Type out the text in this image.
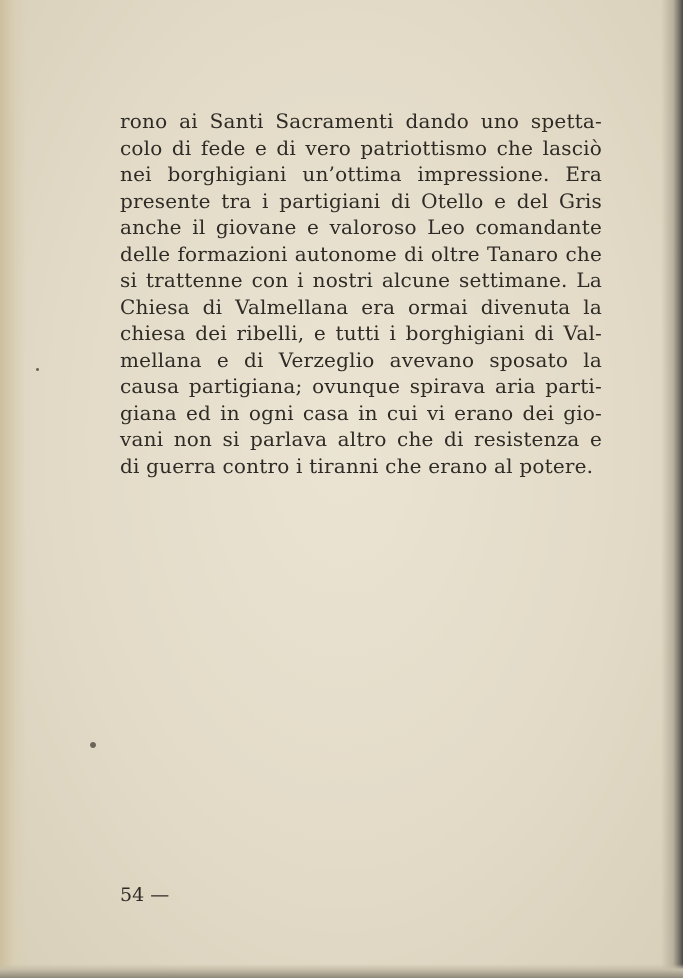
rono ai Santi Sacramenti dando uno spetta-
colo di fede e di vero patriottismo che lasciò
nei borghigiani un’ottima impressione. Era
presente tra i partigiani di Otello e del Gris
anche il giovane e valoroso Leo comandante
delle formazioni autonome di oltre Tanaro che
si trattenne con i nostri alcune settimane. La
Chiesa di Valmellana era ormai divenuta la
chiesa dei ribelli, e tutti i borghigiani di Val-
mellana e di Verzeglio avevano sposato la
causa partigiana; ovunque spirava aria parti-
giana ed in ogni casa in cui vi erano dei gio-
vani non si parlava altro che di resistenza e
di guerra contro i tiranni che erano al potere.
54 —
